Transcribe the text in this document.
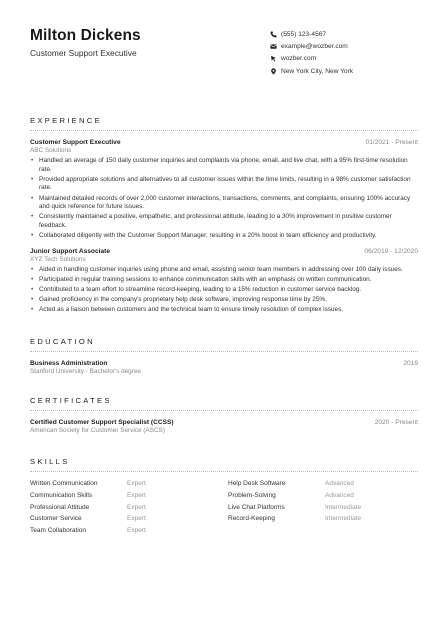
Milton Dickens
Customer Support Executive
(555) 123-4567
example@wozber.com
wozber.com
New York City, New York
EXPERIENCE
Customer Support Executive	01/2021 - Present
ABC Solutions
• Handled an average of 150 daily customer inquiries and complaints via phone, email, and live chat, with a 95% first-time resolution rate.
• Provided appropriate solutions and alternatives to all customer issues within the time limits, resulting in a 98% customer satisfaction rate.
• Maintained detailed records of over 2,000 customer interactions, transactions, comments, and complaints, ensuring 100% accuracy and quick reference for future issues.
• Consistently maintained a positive, empathetic, and professional attitude, leading to a 30% improvement in positive customer feedback.
• Collaborated diligently with the Customer Support Manager, resulting in a 20% boost in team efficiency and productivity.
Junior Support Associate	06/2019 - 12/2020
XYZ Tech Solutions
• Aided in handling customer inquiries using phone and email, assisting senior team members in addressing over 100 daily issues.
• Participated in regular training sessions to enhance communication skills with an emphasis on written communication.
• Contributed to a team effort to streamline record-keeping, leading to a 15% reduction in customer service backlog.
• Gained proficiency in the company's proprietary help desk software, improving response time by 25%.
• Acted as a liaison between customers and the technical team to ensure timely resolution of complex issues.
EDUCATION
Business Administration	2019
Stanford University - Bachelor's degree
CERTIFICATES
Certified Customer Support Specialist (CCSS)	2020 - Present
American Society for Customer Service (ASCS)
SKILLS
Written Communication	Expert	Help Desk Software	Advanced
Communication Skills	Expert	Problem-Solving	Advanced
Professional Attitude	Expert	Live Chat Platforms	Intermediate
Customer Service	Expert	Record-Keeping	Intermediate
Team Collaboration	Expert
